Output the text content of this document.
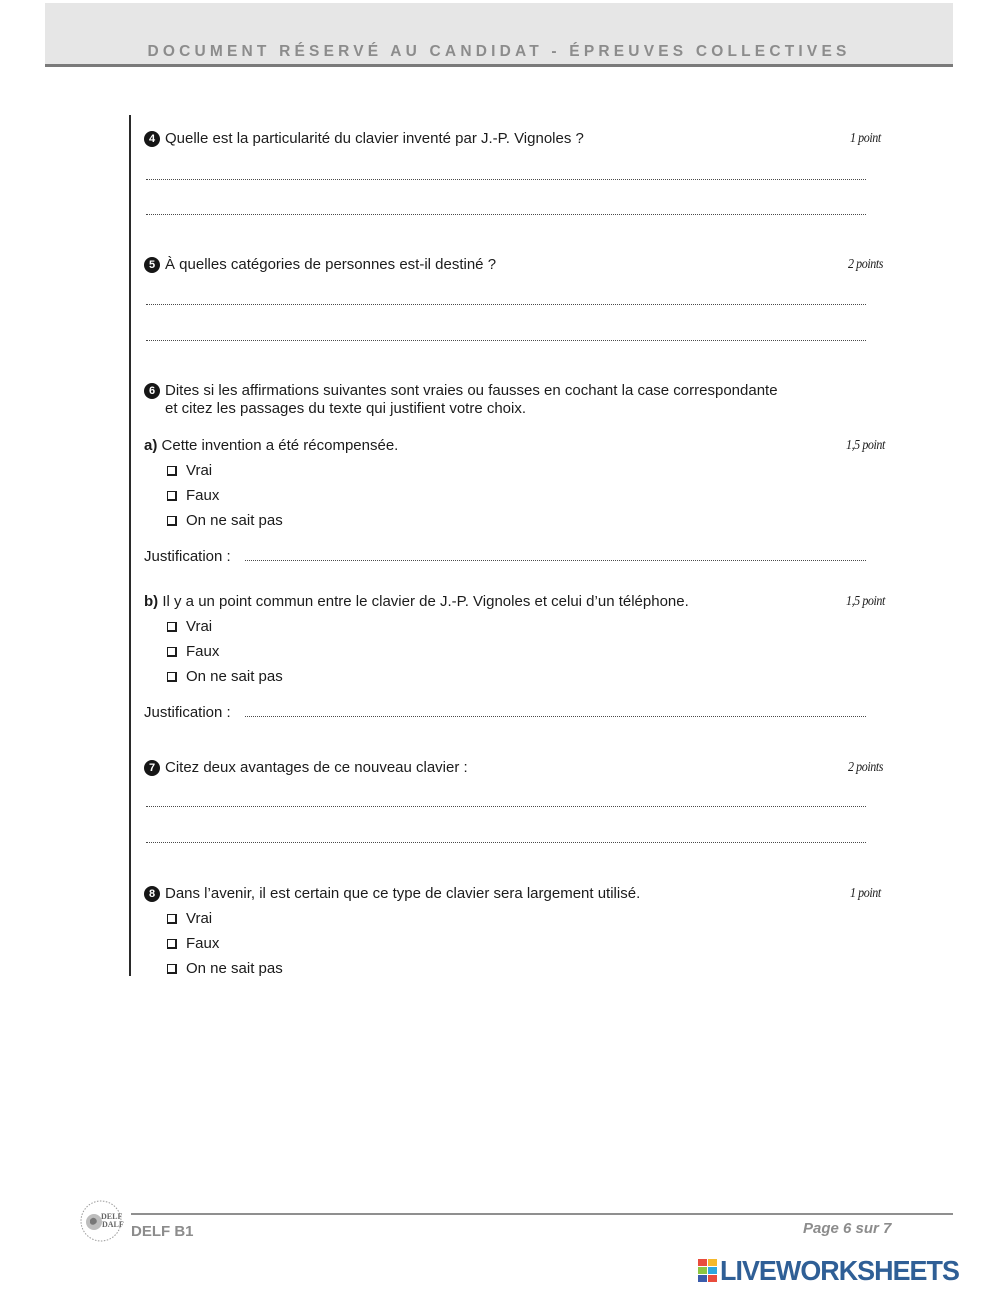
DOCUMENT RÉSERVÉ AU CANDIDAT - ÉPREUVES COLLECTIVES
4 Quelle est la particularité du clavier inventé par J.-P. Vignoles ?	1 point
5 À quelles catégories de personnes est-il destiné ?	2 points
6 Dites si les affirmations suivantes sont vraies ou fausses en cochant la case correspondante
et citez les passages du texte qui justifient votre choix.
a) Cette invention a été récompensée.	1,5 point
Vrai
Faux
On ne sait pas
Justification :
b) Il y a un point commun entre le clavier de J.-P. Vignoles et celui d’un téléphone.	1,5 point
Vrai
Faux
On ne sait pas
Justification :
7 Citez deux avantages de ce nouveau clavier :	2 points
8 Dans l’avenir, il est certain que ce type de clavier sera largement utilisé.	1 point
Vrai
Faux
On ne sait pas
DELF
DALF DELF B1	Page 6 sur 7
LIVEWORKSHEETS
